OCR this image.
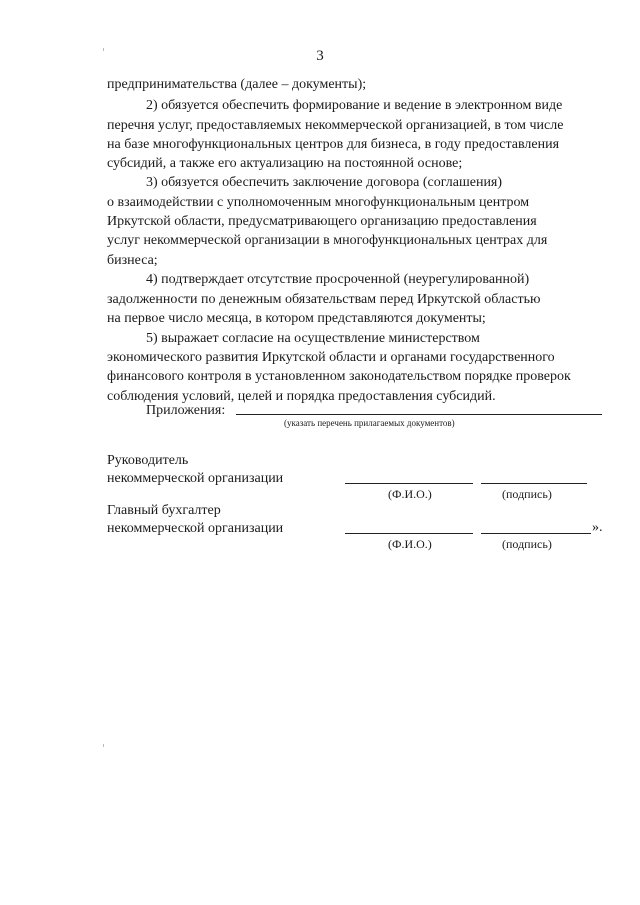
3
предпринимательства (далее – документы);
2) обязуется обеспечить формирование и ведение в электронном виде
перечня услуг, предоставляемых некоммерческой организацией, в том числе
на базе многофункциональных центров для бизнеса, в году предоставления
субсидий, а также его актуализацию на постоянной основе;
3) обязуется обеспечить заключение договора (соглашения)
о взаимодействии с уполномоченным многофункциональным центром
Иркутской области, предусматривающего организацию предоставления
услуг некоммерческой организации в многофункциональных центрах для
бизнеса;
4) подтверждает отсутствие просроченной (неурегулированной)
задолженности по денежным обязательствам перед Иркутской областью
на первое число месяца, в котором представляются документы;
5) выражает согласие на осуществление министерством
экономического развития Иркутской области и органами государственного
финансового контроля в установленном законодательством порядке проверок
соблюдения условий, целей и порядка предоставления субсидий.
Приложения:
(указать перечень прилагаемых документов)
Руководитель
некоммерческой организации
(Ф.И.О.)	(подпись)
Главный бухгалтер
некоммерческой организации	».
(Ф.И.О.)	(подпись)
